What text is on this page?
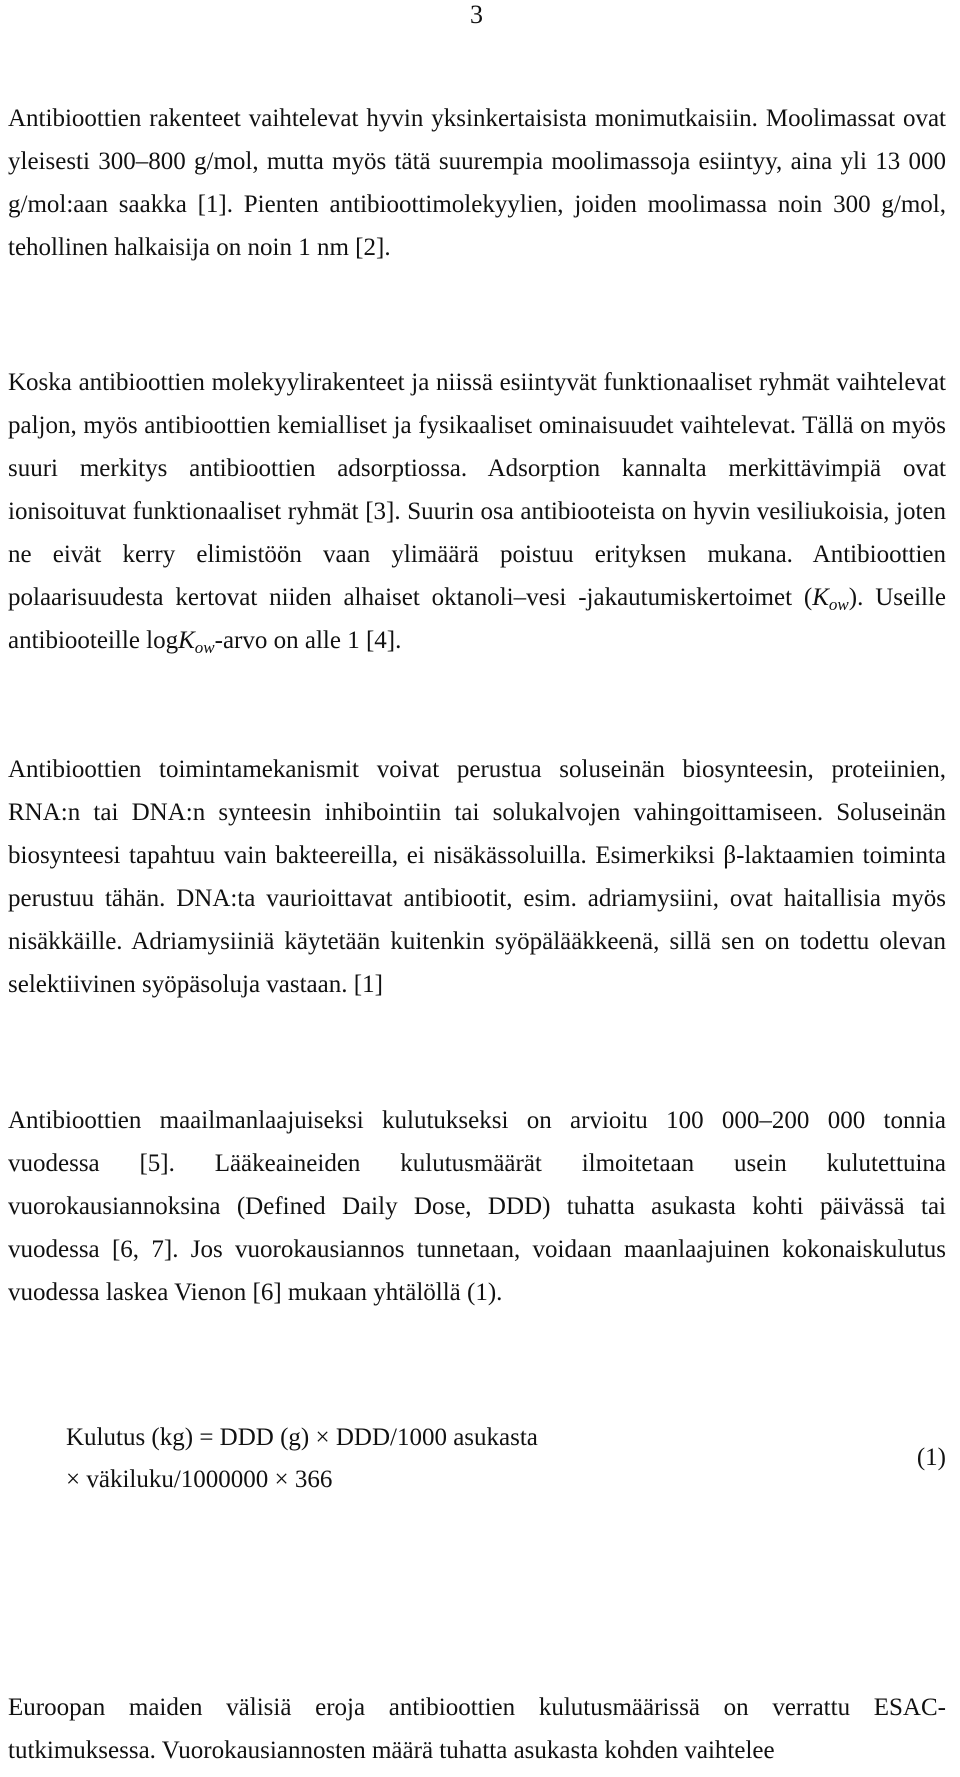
3

Antibioottien rakenteet vaihtelevat hyvin yksinkertaisista monimutkaisiin. Moolimassat ovat yleisesti 300–800 g/mol, mutta myös tätä suurempia moolimassoja esiintyy, aina yli 13 000 g/mol:aan saakka [1]. Pienten antibioottimolekyylien, joiden moolimassa noin 300 g/mol, tehollinen halkaisija on noin 1 nm [2].

Koska antibioottien molekyylirakenteet ja niissä esiintyvät funktionaaliset ryhmät vaihtelevat paljon, myös antibioottien kemialliset ja fysikaaliset ominaisuudet vaihtelevat. Tällä on myös suuri merkitys antibioottien adsorptiossa. Adsorption kannalta merkittävimpiä ovat ionisoituvat funktionaaliset ryhmät [3]. Suurin osa antibiooteista on hyvin vesiliukoisia, joten ne eivät kerry elimistöön vaan ylimäärä poistuu erityksen mukana. Antibioottien polaarisuudesta kertovat niiden alhaiset oktanoli–vesi -jakautumiskertoimet $(K_{ow})$. Useille antibiooteille logK$_{ow}$-arvo on alle 1 [4].

Antibioottien toimintamekanismit voivat perustua soluseinän biosynteesin, proteiinien, RNA:n tai DNA:n synteesin inhibointiin tai solukalvojen vahingoittamiseen. Soluseinän biosynteesi tapahtuu vain bakteereilla, ei nisäkässoluilla. Esimerkiksi β-laktaamien toiminta perustuu tähän. DNA:ta vaurioittavat antibiootit, esim. adriamysiini, ovat haitallisia myös nisäkkäille. Adriamysiiniä käytetään kuitenkin syöpälääkkeenä, sillä sen on todettu olevan selektiivinen syöpäsoluja vastaan. [1]

Antibioottien maailmanlaajuiseksi kulutukseksi on arvioitu 100 000–200 000 tonnia vuodessa [5]. Lääkeaineiden kulutusmäärät ilmoitetaan usein kulutettuina vuorokausiannoksina (Defined Daily Dose, DDD) tuhatta asukasta kohti päivässä tai vuodessa [6, 7]. Jos vuorokausiannos tunnetaan, voidaan maanlaajuinen kokonaiskulutus vuodessa laskea Vienon [6] mukaan yhtälöllä (1).

Euroopan maiden välisiä eroja antibioottien kulutusmäärissä on verrattu ESAC-tutkimuksessa. Vuorokausiannosten määrä tuhatta asukasta kohden vaihtelee

Kulutus (kg) = DDD (g) × DDD/1000 asukasta
× väkiluku/1000000 × 366
(1)
